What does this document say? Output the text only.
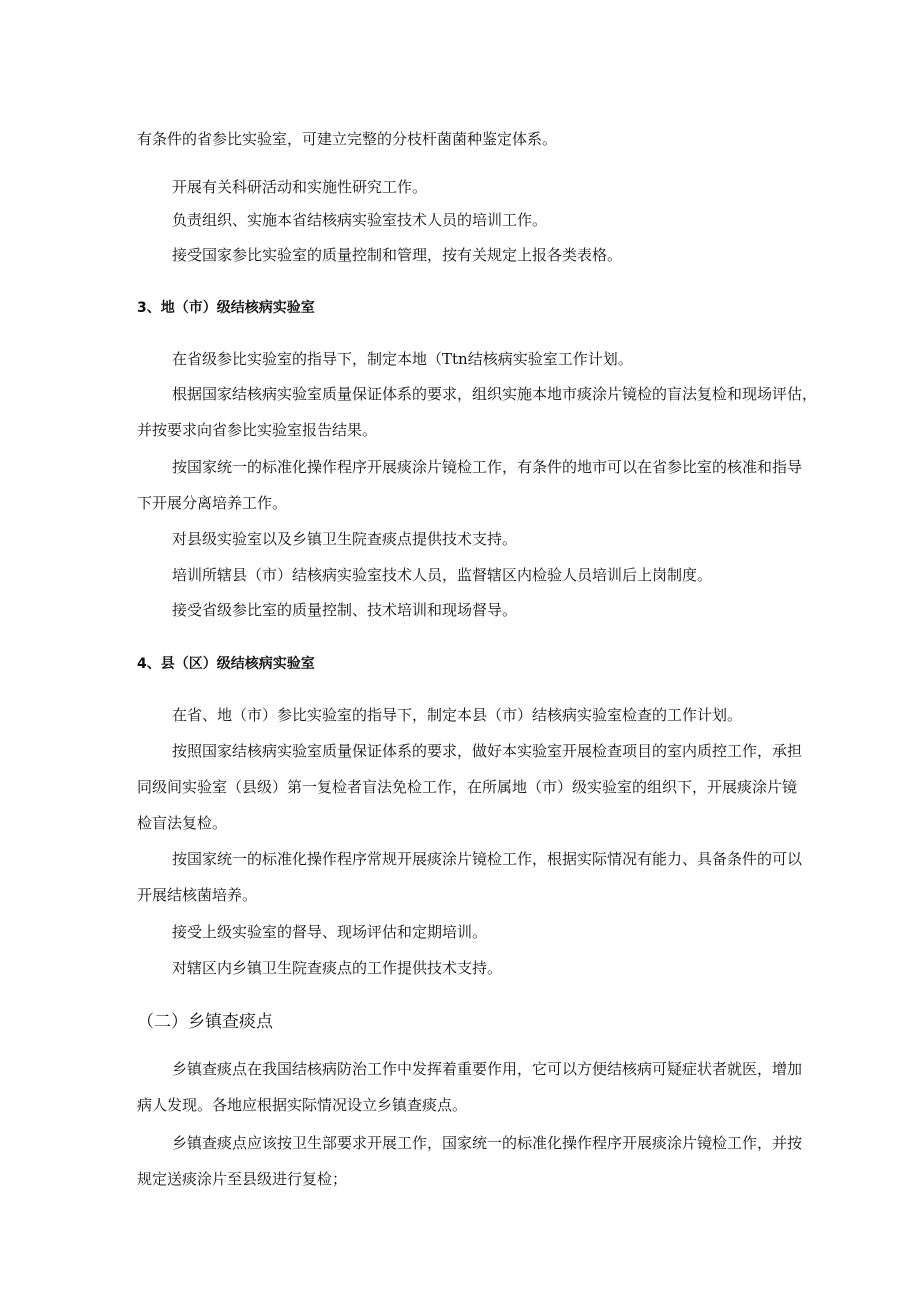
有条件的省参比实验室，可建立完整的分枝杆菌菌种鉴定体系。

开展有关科研活动和实施性研究工作。

负责组织、实施本省结核病实验室技术人员的培训工作。

接受国家参比实验室的质量控制和管理，按有关规定上报各类表格。

3、地（市）级结核病实验室

在省级参比实验室的指导下，制定本地（Ttn结核病实验室工作计划。

根据国家结核病实验室质量保证体系的要求，组织实施本地市痰涂片镜检的盲法复检和现场评估，

并按要求向省参比实验室报告结果。

按国家统一的标准化操作程序开展痰涂片镜检工作，有条件的地市可以在省参比室的核准和指导

下开展分离培养工作。

对县级实验室以及乡镇卫生院查痰点提供技术支持。

培训所辖县（市）结核病实验室技术人员，监督辖区内检验人员培训后上岗制度。

接受省级参比室的质量控制、技术培训和现场督导。

4、县（区）级结核病实验室

在省、地（市）参比实验室的指导下，制定本县（市）结核病实验室检查的工作计划。

按照国家结核病实验室质量保证体系的要求，做好本实验室开展检查项目的室内质控工作，承担

同级间实验室（县级）第一复检者盲法免检工作，在所属地（市）级实验室的组织下，开展痰涂片镜

检盲法复检。

按国家统一的标准化操作程序常规开展痰涂片镜检工作，根据实际情况有能力、具备条件的可以

开展结核菌培养。

接受上级实验室的督导、现场评估和定期培训。

对辖区内乡镇卫生院查痰点的工作提供技术支持。

（二）乡镇查痰点

乡镇查痰点在我国结核病防治工作中发挥着重要作用，它可以方便结核病可疑症状者就医，增加

病人发现。各地应根据实际情况设立乡镇查痰点。

乡镇查痰点应该按卫生部要求开展工作，国家统一的标准化操作程序开展痰涂片镜检工作，并按

规定送痰涂片至县级进行复检；
